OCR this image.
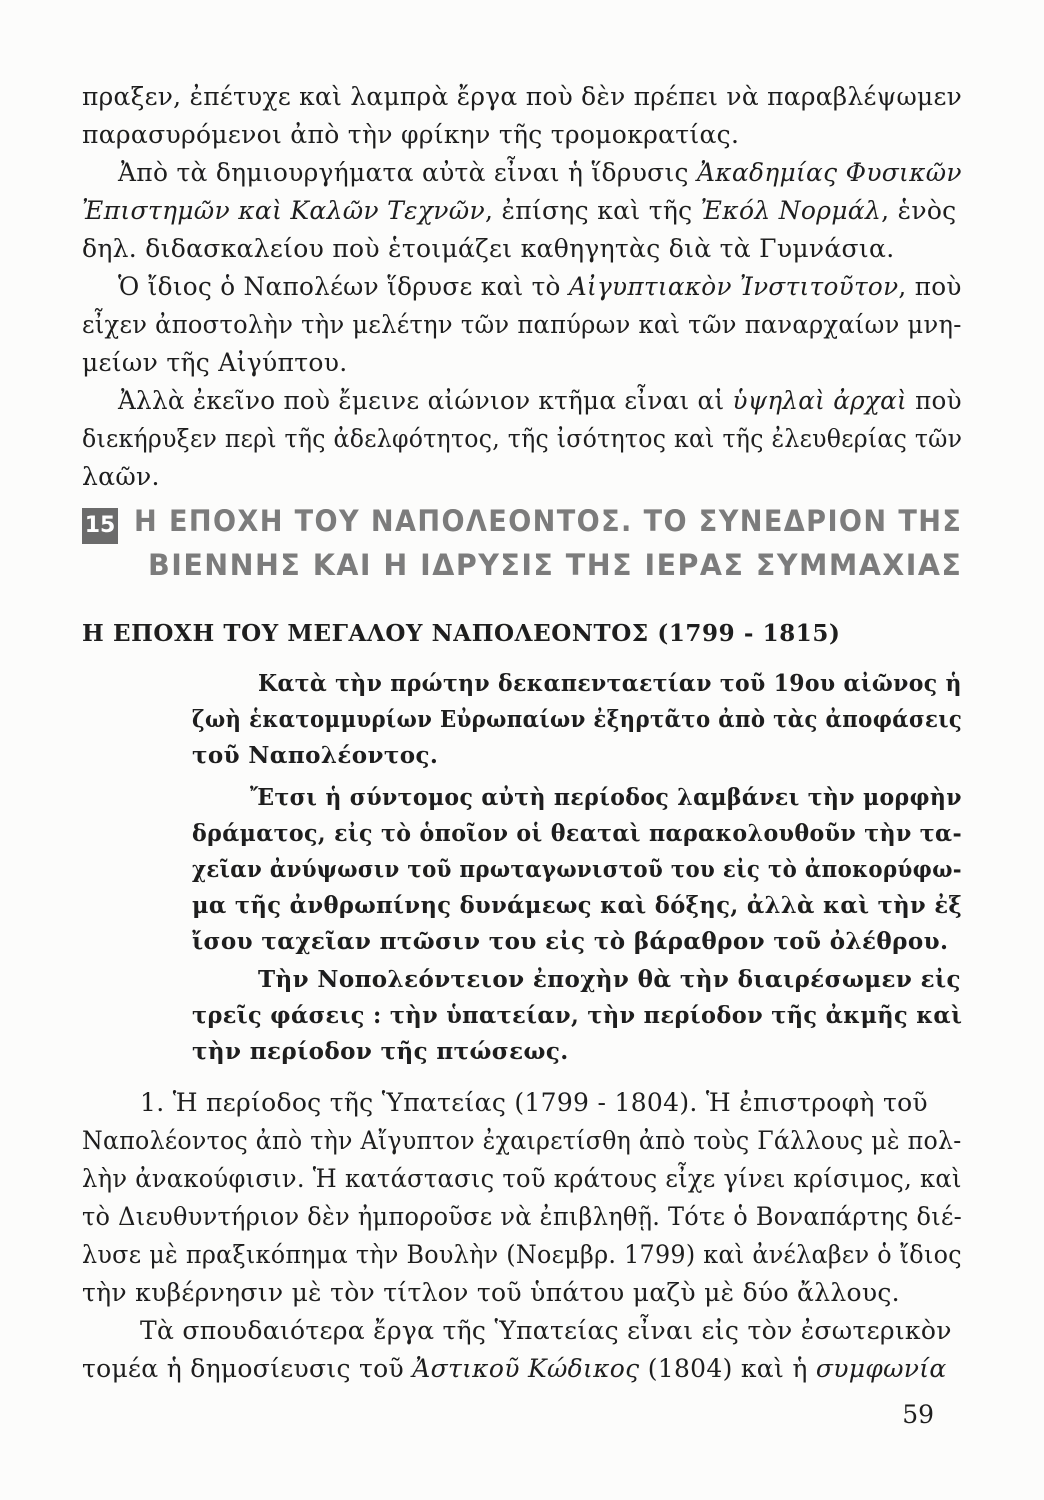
πραξεν, ἐπέτυχε καὶ λαμπρὰ ἔργα ποὺ δὲν πρέπει νὰ παραβλέψωμεν
παρασυρόμενοι ἀπὸ τὴν φρίκην τῆς τρομοκρατίας.
Ἀπὸ τὰ δημιουργήματα αὐτὰ εἶναι ἡ ἵδρυσις Ἀκαδημίας Φυσικῶν
Ἐπιστημῶν καὶ Καλῶν Τεχνῶν, ἐπίσης καὶ τῆς Ἐκόλ Νορμάλ, ἑνὸς
δηλ. διδασκαλείου ποὺ ἑτοιμάζει καθηγητὰς διὰ τὰ Γυμνάσια.
Ὁ ἴδιος ὁ Ναπολέων ἵδρυσε καὶ τὸ Αἰγυπτιακὸν Ἰνστιτοῦτον, ποὺ
εἶχεν ἀποστολὴν τὴν μελέτην τῶν παπύρων καὶ τῶν παναρχαίων μνη-
μείων τῆς Αἰγύπτου.
Ἀλλὰ ἐκεῖνο ποὺ ἔμεινε αἰώνιον κτῆμα εἶναι αἱ ὑψηλαὶ ἀρχαὶ ποὺ
διεκήρυξεν περὶ τῆς ἀδελφότητος, τῆς ἰσότητος καὶ τῆς ἐλευθερίας τῶν
λαῶν.
15 Η ΕΠΟΧΗ ΤΟΥ ΝΑΠΟΛΕΟΝΤΟΣ. ΤΟ ΣΥΝΕΔΡΙΟΝ ΤΗΣ
ΒΙΕΝΝΗΣ ΚΑΙ Η ΙΔΡΥΣΙΣ ΤΗΣ ΙΕΡΑΣ ΣΥΜΜΑΧΙΑΣ
Η ΕΠΟΧΗ ΤΟΥ ΜΕΓΑΛΟΥ ΝΑΠΟΛΕΟΝΤΟΣ (1799 - 1815)
Κατὰ τὴν πρώτην δεκαπενταετίαν τοῦ 19ου αἰῶνος ἡ
ζωὴ ἑκατομμυρίων Εὐρωπαίων ἐξηρτᾶτο ἀπὸ τὰς ἀποφάσεις
τοῦ Ναπολέοντος.
Ἔτσι ἡ σύντομος αὐτὴ περίοδος λαμβάνει τὴν μορφὴν
δράματος, εἰς τὸ ὁποῖον οἱ θεαταὶ παρακολουθοῦν τὴν τα-
χεῖαν ἀνύψωσιν τοῦ πρωταγωνιστοῦ του εἰς τὸ ἀποκορύφω-
μα τῆς ἀνθρωπίνης δυνάμεως καὶ δόξης, ἀλλὰ καὶ τὴν ἐξ
ἴσου ταχεῖαν πτῶσιν του εἰς τὸ βάραθρον τοῦ ὀλέθρου.
Τὴν Νοπολεόντειον ἐποχὴν θὰ τὴν διαιρέσωμεν εἰς
τρεῖς φάσεις : τὴν ὑπατείαν, τὴν περίοδον τῆς ἀκμῆς καὶ
τὴν περίοδον τῆς πτώσεως.
1. Ἡ περίοδος τῆς Ὑπατείας (1799 - 1804). Ἡ ἐπιστροφὴ τοῦ
Ναπολέοντος ἀπὸ τὴν Αἴγυπτον ἐχαιρετίσθη ἀπὸ τοὺς Γάλλους μὲ πολ-
λὴν ἀνακούφισιν. Ἡ κατάστασις τοῦ κράτους εἶχε γίνει κρίσιμος, καὶ
τὸ Διευθυντήριον δὲν ἠμποροῦσε νὰ ἐπιβληθῇ. Τότε ὁ Βοναπάρτης διέ-
λυσε μὲ πραξικόπημα τὴν Βουλὴν (Νοεμβρ. 1799) καὶ ἀνέλαβεν ὁ ἴδιος
τὴν κυβέρνησιν μὲ τὸν τίτλον τοῦ ὑπάτου μαζὺ μὲ δύο ἄλλους.
Τὰ σπουδαιότερα ἔργα τῆς Ὑπατείας εἶναι εἰς τὸν ἐσωτερικὸν
τομέα ἡ δημοσίευσις τοῦ Ἀστικοῦ Κώδικος (1804) καὶ ἡ συμφωνία
59
